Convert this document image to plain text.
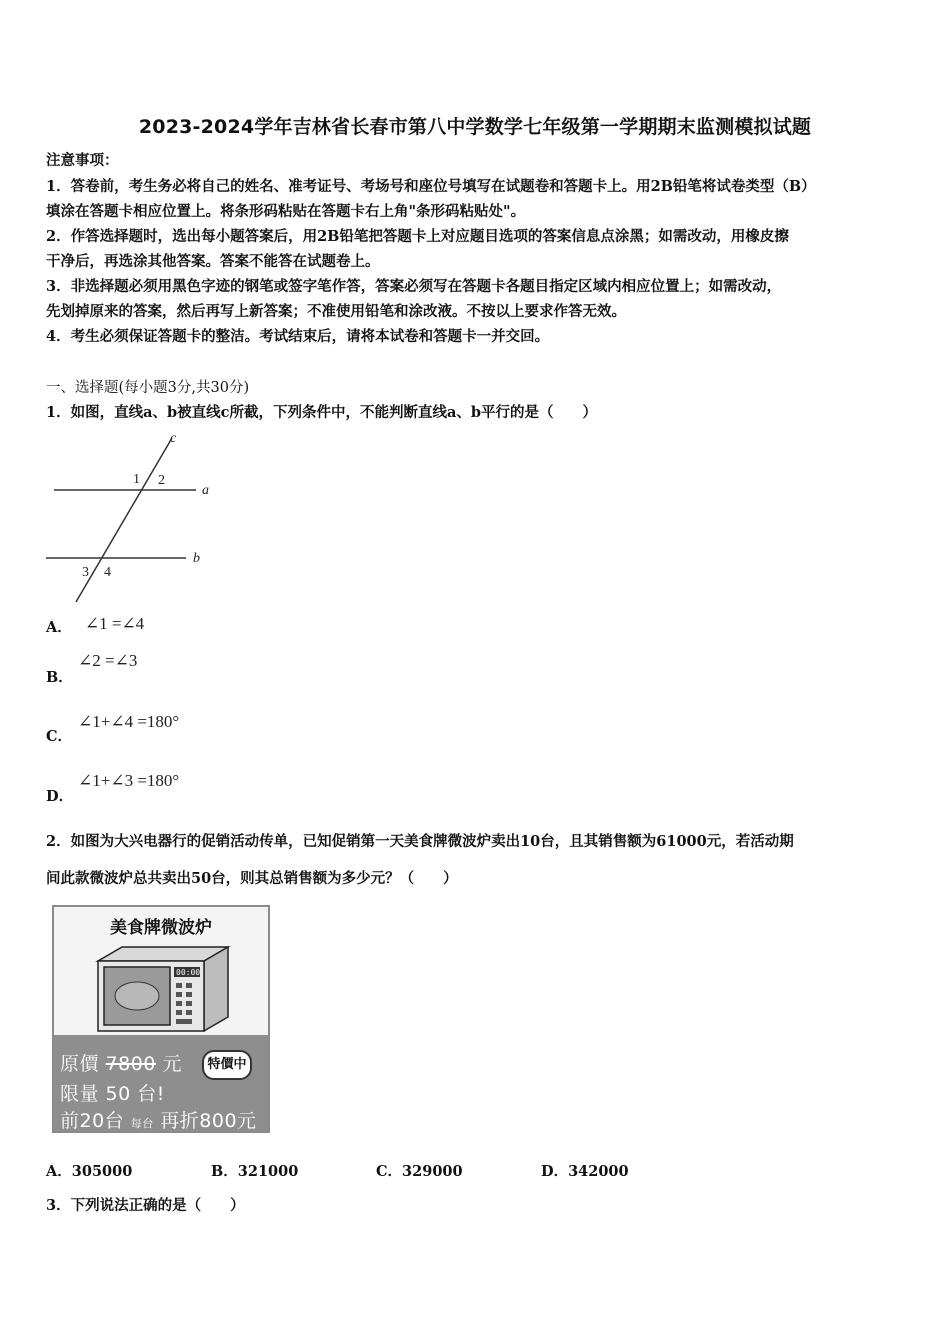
2023-2024学年吉林省长春市第八中学数学七年级第一学期期末监测模拟试题
注意事项：
1．答卷前，考生务必将自己的姓名、准考证号、考场号和座位号填写在试题卷和答题卡上。用2B铅笔将试卷类型（B）
填涂在答题卡相应位置上。将条形码粘贴在答题卡右上角"条形码粘贴处"。
2．作答选择题时，选出每小题答案后，用2B铅笔把答题卡上对应题目选项的答案信息点涂黑；如需改动，用橡皮擦
干净后，再选涂其他答案。答案不能答在试题卷上。
3．非选择题必须用黑色字迹的钢笔或签字笔作答，答案必须写在答题卡各题目指定区域内相应位置上；如需改动，
先划掉原来的答案，然后再写上新答案；不准使用铅笔和涂改液。不按以上要求作答无效。
4．考生必须保证答题卡的整洁。考试结束后，请将本试卷和答题卡一并交回。
一、选择题(每小题3分,共30分)
1．如图，直线a、b被直线c所截，下列条件中，不能判断直线a、b平行的是（　　）
c
a
b
1 2
3 4
A． ∠1 =∠4
B．
∠2 =∠3
C．
∠1+∠4 =180°
D．
∠1+∠3 =180°
2．如图为大兴电器行的促销活动传单，已知促销第一天美食牌微波炉卖出10台，且其销售额为61000元，若活动期
间此款微波炉总共卖出50台，则其总销售额为多少元？（　　）
美食牌微波炉
00:00
原價 7800 元	特價中
限量 50 台!
前20台 每台 再折800元
A．305000	B．321000	C．329000	D．342000
3．下列说法正确的是（　　）
